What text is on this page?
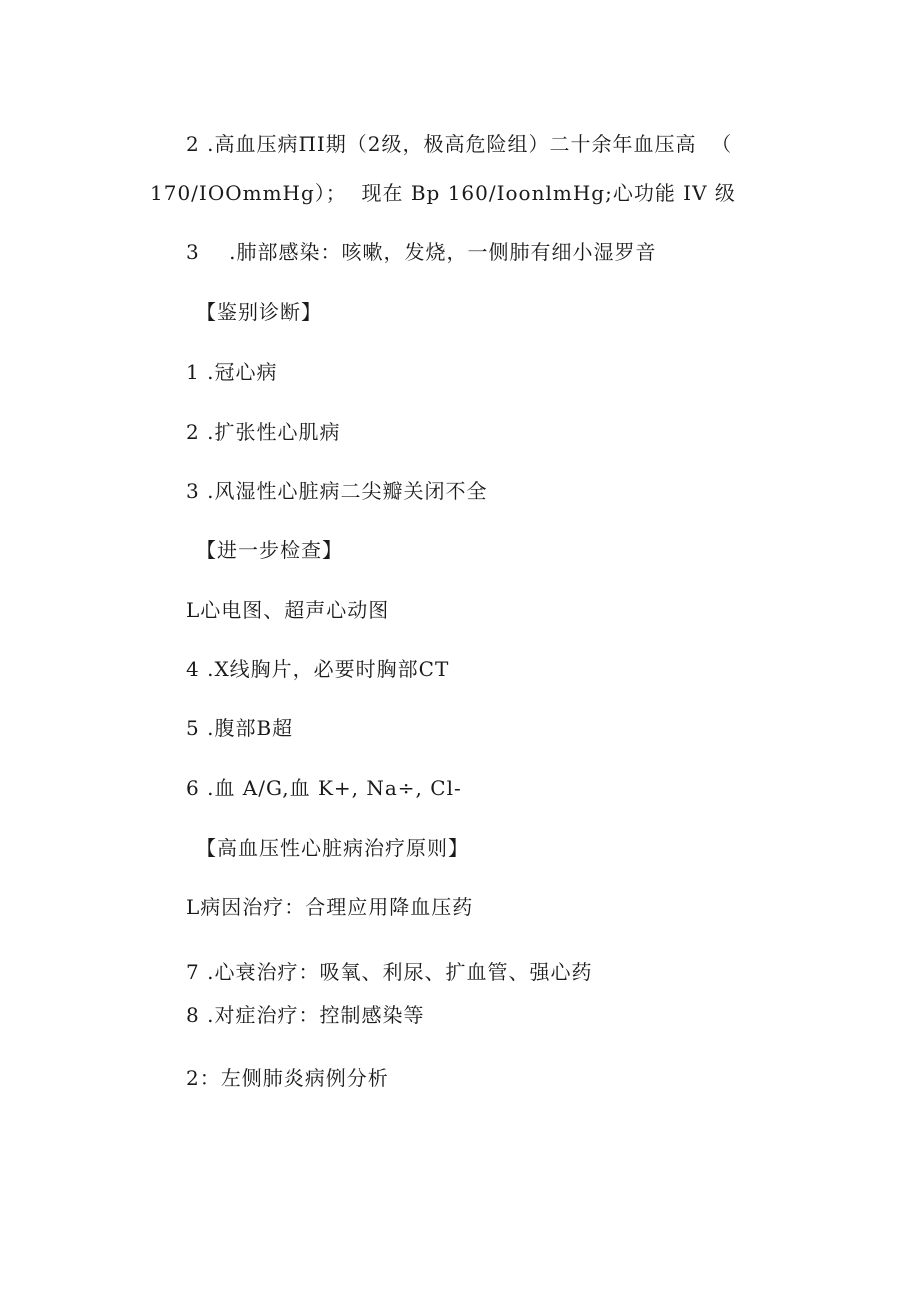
2 .高血压病ΠI期（2级，极高危险组）二十余年血压高  （
170/IOOmmHg）；  现在 Bp 160/IoonlmHg;心功能 IV 级
3    .肺部感染：咳嗽，发烧，一侧肺有细小湿罗音
【鉴别诊断】
1 .冠心病
2 .扩张性心肌病
3 .风湿性心脏病二尖瓣关闭不全
【进一步检查】
L心电图、超声心动图
4 .X线胸片，必要时胸部CT
5 .腹部B超
6 .血 A/G,血 K+, Na÷, Cl-
【高血压性心脏病治疗原则】
L病因治疗：合理应用降血压药
7 .心衰治疗：吸氧、利尿、扩血管、强心药
8 .对症治疗：控制感染等
2：左侧肺炎病例分析
